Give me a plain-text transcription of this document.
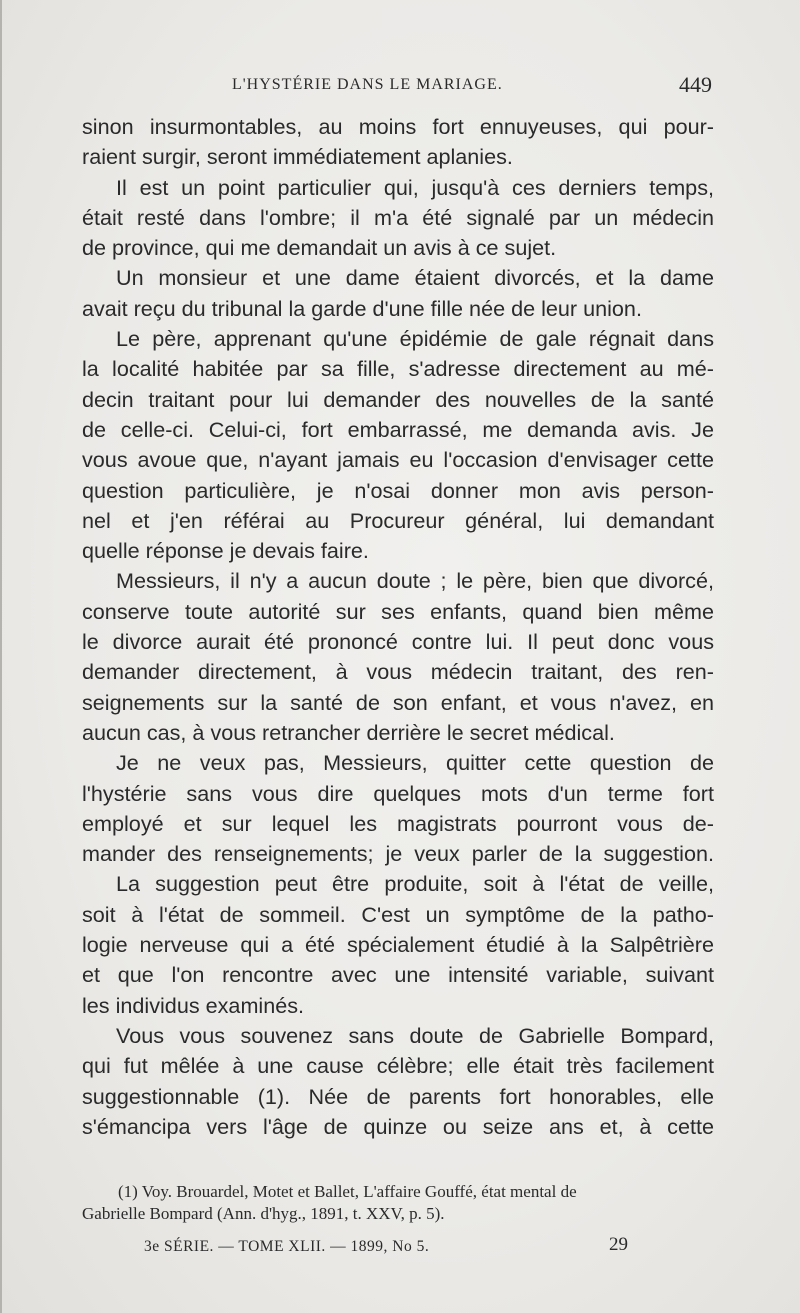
L'HYSTÉRIE DANS LE MARIAGE.	449
sinon insurmontables, au moins fort ennuyeuses, qui pour-
raient surgir, seront immédiatement aplanies.
Il est un point particulier qui, jusqu'à ces derniers temps,
était resté dans l'ombre; il m'a été signalé par un médecin
de province, qui me demandait un avis à ce sujet.
Un monsieur et une dame étaient divorcés, et la dame
avait reçu du tribunal la garde d'une fille née de leur union.
Le père, apprenant qu'une épidémie de gale régnait dans
la localité habitée par sa fille, s'adresse directement au mé-
decin traitant pour lui demander des nouvelles de la santé
de celle-ci. Celui-ci, fort embarrassé, me demanda avis. Je
vous avoue que, n'ayant jamais eu l'occasion d'envisager cette
question particulière, je n'osai donner mon avis person-
nel et j'en référai au Procureur général, lui demandant
quelle réponse je devais faire.
Messieurs, il n'y a aucun doute ; le père, bien que divorcé,
conserve toute autorité sur ses enfants, quand bien même
le divorce aurait été prononcé contre lui. Il peut donc vous
demander directement, à vous médecin traitant, des ren-
seignements sur la santé de son enfant, et vous n'avez, en
aucun cas, à vous retrancher derrière le secret médical.
Je ne veux pas, Messieurs, quitter cette question de
l'hystérie sans vous dire quelques mots d'un terme fort
employé et sur lequel les magistrats pourront vous de-
mander des renseignements; je veux parler de la suggestion.
La suggestion peut être produite, soit à l'état de veille,
soit à l'état de sommeil. C'est un symptôme de la patho-
logie nerveuse qui a été spécialement étudié à la Salpêtrière
et que l'on rencontre avec une intensité variable, suivant
les individus examinés.
Vous vous souvenez sans doute de Gabrielle Bompard,
qui fut mêlée à une cause célèbre; elle était très facilement
suggestionnable (1). Née de parents fort honorables, elle
s'émancipa vers l'âge de quinze ou seize ans et, à cette
(1) Voy. Brouardel, Motet et Ballet, L'affaire Gouffé, état mental de
Gabrielle Bompard (Ann. d'hyg., 1891, t. XXV, p. 5).
3e SÉRIE. — TOME XLII. — 1899, No 5.	29
